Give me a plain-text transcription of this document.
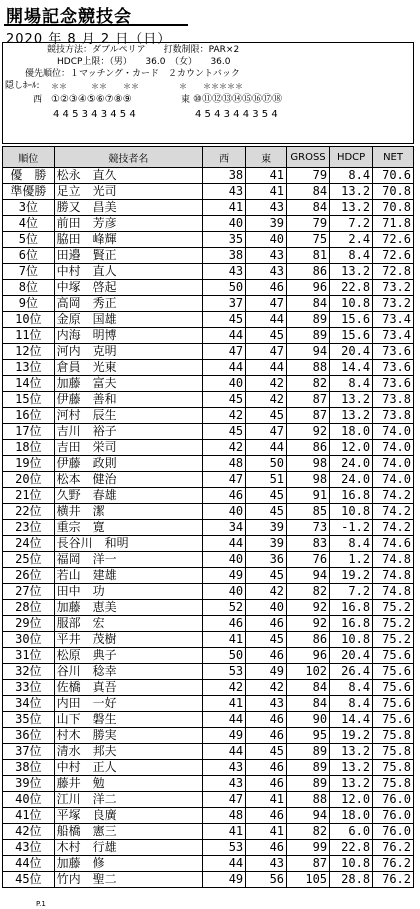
開場記念競技会
2020 年 8 月 2 日（日）
競技方法：ダブルペリア　　打数制限：PAR×2
HDCP上限：（男）　　36.0　（女）　　36.0
優先順位：１マッチング・カード　２カウントバック
隠しﾎｰﾙ: ＊＊　　　＊＊　　＊＊　　　　　＊　　＊＊＊＊＊
西 ①②③④⑤⑥⑦⑧⑨	東 ⑩⑪⑫⑬⑭⑮⑯⑰⑱
4 4 5 3 4 3 4 5 4	4 5 4 3 4 4 3 5 4
順位	競技者名	西	東	GROSS	HDCP	NET
優　勝	松永　直久	38	41	79	8.4	70.6
準優勝	足立　光司	43	41	84	13.2	70.8
3位	勝又　昌美	41	43	84	13.2	70.8
4位	前田　芳彦	40	39	79	7.2	71.8
5位	脇田　峰輝	35	40	75	2.4	72.6
6位	田邉　賢正	38	43	81	8.4	72.6
7位	中村　直人	43	43	86	13.2	72.8
8位	中塚　啓起	50	46	96	22.8	73.2
9位	高岡　秀正	37	47	84	10.8	73.2
10位	金原　国雄	45	44	89	15.6	73.4
11位	内海　明博	44	45	89	15.6	73.4
12位	河内　克明	47	47	94	20.4	73.6
13位	倉員　光東	44	44	88	14.4	73.6
14位	加藤　富夫	40	42	82	8.4	73.6
15位	伊藤　善和	45	42	87	13.2	73.8
16位	河村　辰生	42	45	87	13.2	73.8
17位	吉川　裕子	45	47	92	18.0	74.0
18位	吉田　栄司	42	44	86	12.0	74.0
19位	伊藤　政則	48	50	98	24.0	74.0
20位	松本　健治	47	51	98	24.0	74.0
21位	久野　春雄	46	45	91	16.8	74.2
22位	横井　潔	40	45	85	10.8	74.2
23位	重宗　寛	34	39	73	-1.2	74.2
24位	長谷川　和明	44	39	83	8.4	74.6
25位	福岡　洋一	40	36	76	1.2	74.8
26位	若山　建雄	49	45	94	19.2	74.8
27位	田中　功	40	42	82	7.2	74.8
28位	加藤　恵美	52	40	92	16.8	75.2
29位	服部　宏	46	46	92	16.8	75.2
30位	平井　茂樹	41	45	86	10.8	75.2
31位	松原　典子	50	46	96	20.4	75.6
32位	谷川　稔幸	53	49	102	26.4	75.6
33位	佐橋　真吾	42	42	84	8.4	75.6
34位	内田　一好	41	43	84	8.4	75.6
35位	山下　磐生	44	46	90	14.4	75.6
36位	村木　勝実	49	46	95	19.2	75.8
37位	清水　邦夫	44	45	89	13.2	75.8
38位	中村　正人	43	46	89	13.2	75.8
39位	藤井　勉	43	46	89	13.2	75.8
40位	江川　洋二	47	41	88	12.0	76.0
41位	平塚　良廣	48	46	94	18.0	76.0
42位	船橋　憲三	41	41	82	6.0	76.0
43位	木村　行雄	53	46	99	22.8	76.2
44位	加藤　修	44	43	87	10.8	76.2
45位	竹内　聖二	49	56	105	28.8	76.2
P.1
